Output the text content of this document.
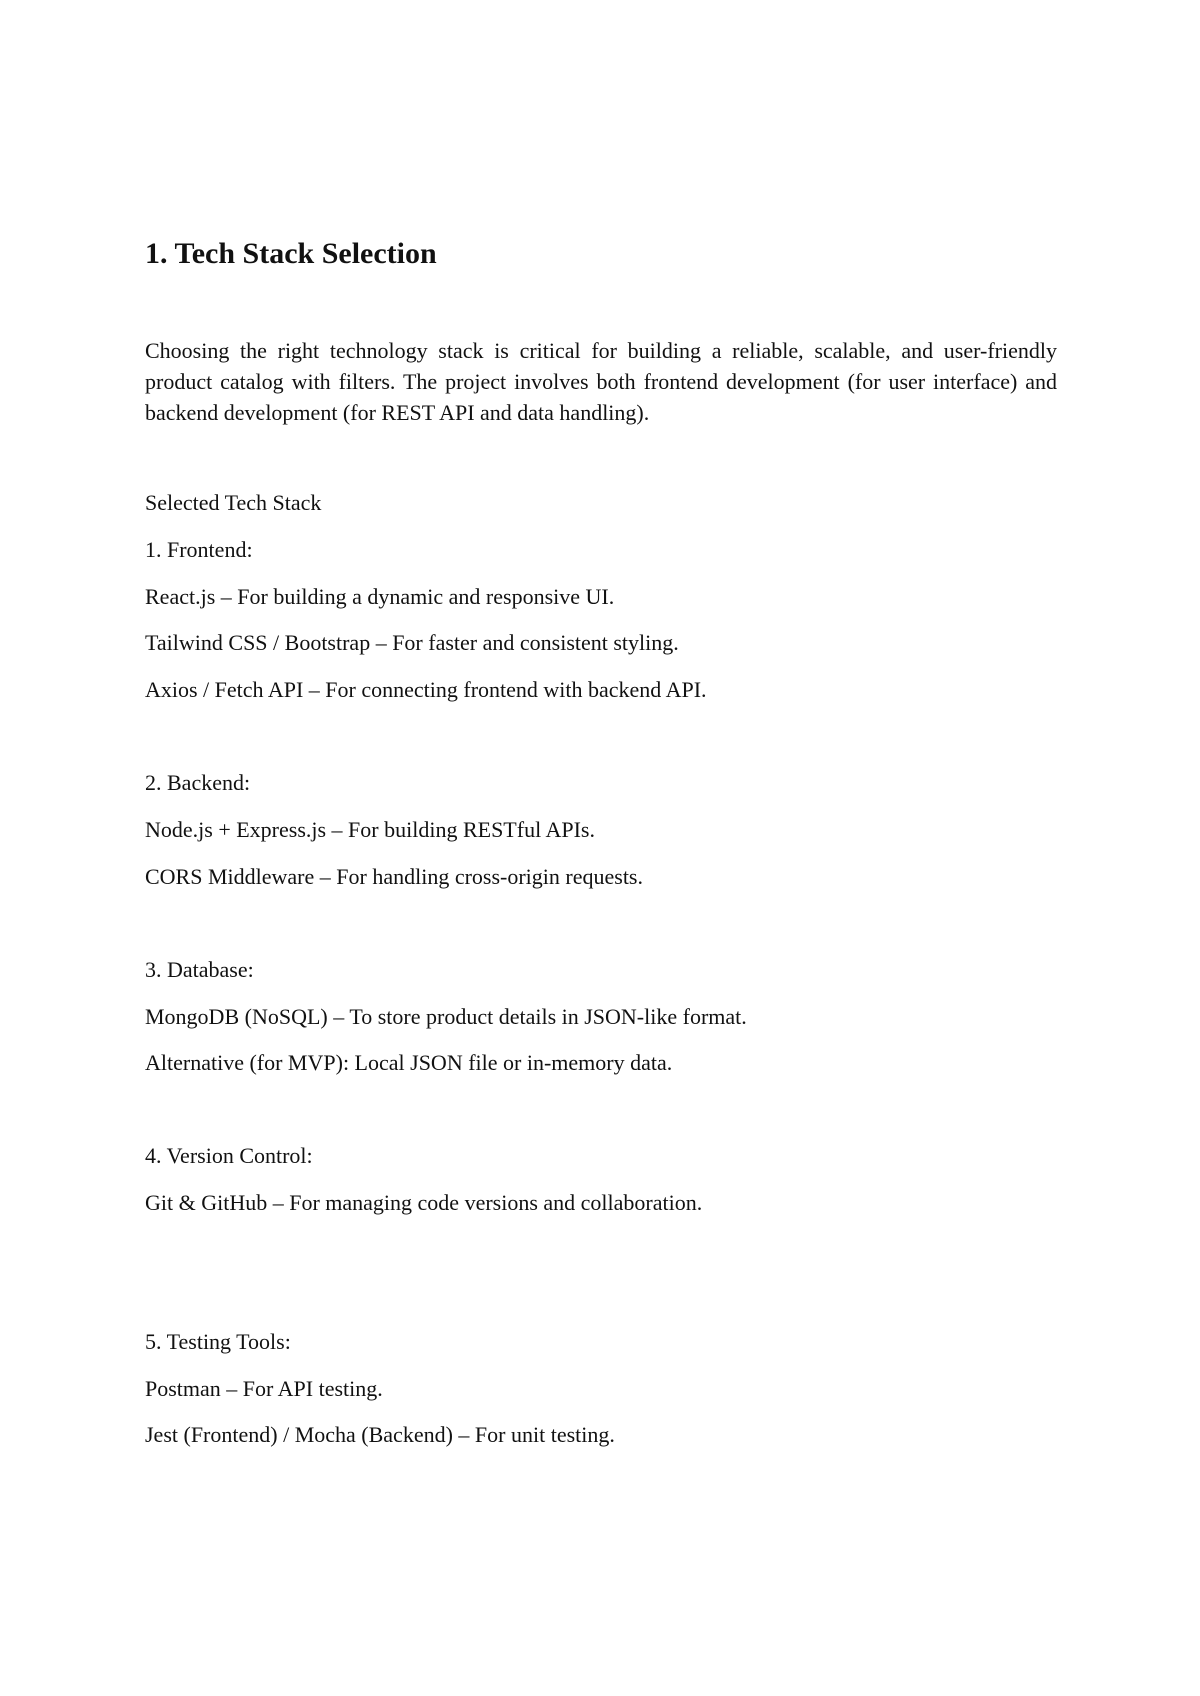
1. Tech Stack Selection

Choosing the right technology stack is critical for building a reliable, scalable, and user-friendly product catalog with filters. The project involves both frontend development (for user interface) and backend development (for REST API and data handling).

Selected Tech Stack

1. Frontend:

React.js – For building a dynamic and responsive UI.

Tailwind CSS / Bootstrap – For faster and consistent styling.

Axios / Fetch API – For connecting frontend with backend API.

2. Backend:

Node.js + Express.js – For building RESTful APIs.

CORS Middleware – For handling cross-origin requests.

3. Database:

MongoDB (NoSQL) – To store product details in JSON-like format.

Alternative (for MVP): Local JSON file or in-memory data.

4. Version Control:

Git & GitHub – For managing code versions and collaboration.

5. Testing Tools:

Postman – For API testing.

Jest (Frontend) / Mocha (Backend) – For unit testing.
